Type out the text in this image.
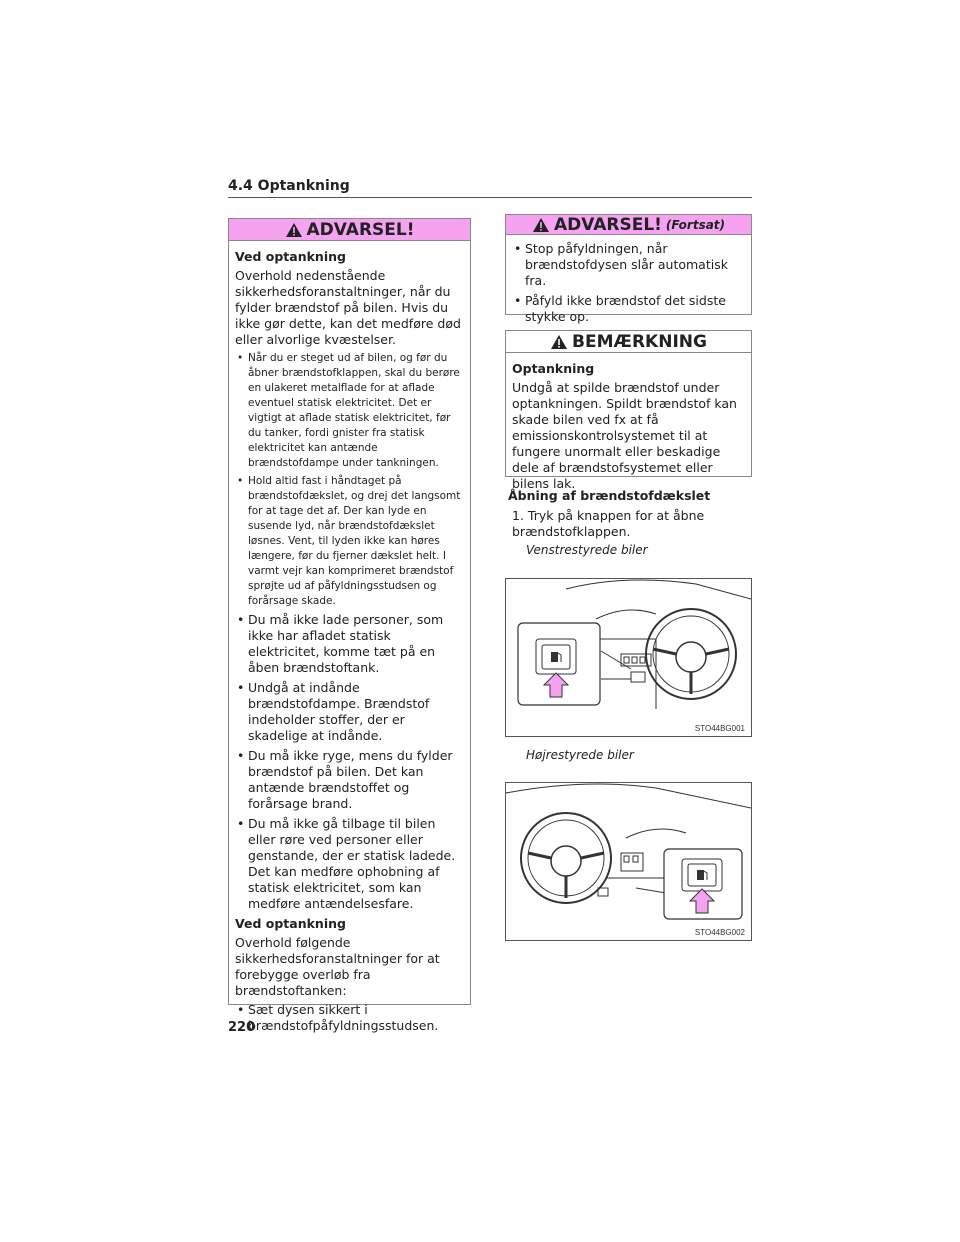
4.4 Optankning
ADVARSEL!
Ved optankning

Overhold nedenstående sikkerhedsforanstaltninger, når du fylder brændstof på bilen. Hvis du ikke gør dette, kan det medføre død eller alvorlige kvæstelser.

• Når du er steget ud af bilen, og før du åbner brændstofklappen, skal du berøre en ulakeret metalflade for at aflade eventuel statisk elektricitet. Det er vigtigt at aflade statisk elektricitet, før du tanker, fordi gnister fra statisk elektricitet kan antænde brændstofdampe under tankningen.
• Hold altid fast i håndtaget på brændstofdækslet, og drej det langsomt for at tage det af. Der kan lyde en susende lyd, når brændstofdækslet løsnes. Vent, til lyden ikke kan høres længere, før du fjerner dækslet helt. I varmt vejr kan komprimeret brændstof sprøjte ud af påfyldningsstudsen og forårsage skade.
• Du må ikke lade personer, som ikke har afladet statisk elektricitet, komme tæt på en åben brændstoftank.
• Undgå at indånde brændstofdampe. Brændstof indeholder stoffer, der er skadelige at indånde.
• Du må ikke ryge, mens du fylder brændstof på bilen. Det kan antænde brændstoffet og forårsage brand.
• Du må ikke gå tilbage til bilen eller røre ved personer eller genstande, der er statisk ladede. Det kan medføre ophobning af statisk elektricitet, som kan medføre antændelsesfare.
Ved optankning

Overhold følgende sikkerhedsforanstaltninger for at forebygge overløb fra brændstoftanken:

• Sæt dysen sikkert i brændstofpåfyldningsstudsen.
ADVARSEL! (Fortsat)
• Stop påfyldningen, når brændstofdysen slår automatisk fra.
• Påfyld ikke brændstof det sidste stykke op.
BEMÆRKNING
Optankning

Undgå at spilde brændstof under optankningen. Spildt brændstof kan skade bilen ved fx at få emissionskontrolsystemet til at fungere unormalt eller beskadige dele af brændstofsystemet eller bilens lak.

Åbning af brændstofdækslet
1. Tryk på knappen for at åbne brændstofklappen.
Venstrestyrede biler
STO44BG001
Højrestyrede biler
STO44BG002
220
